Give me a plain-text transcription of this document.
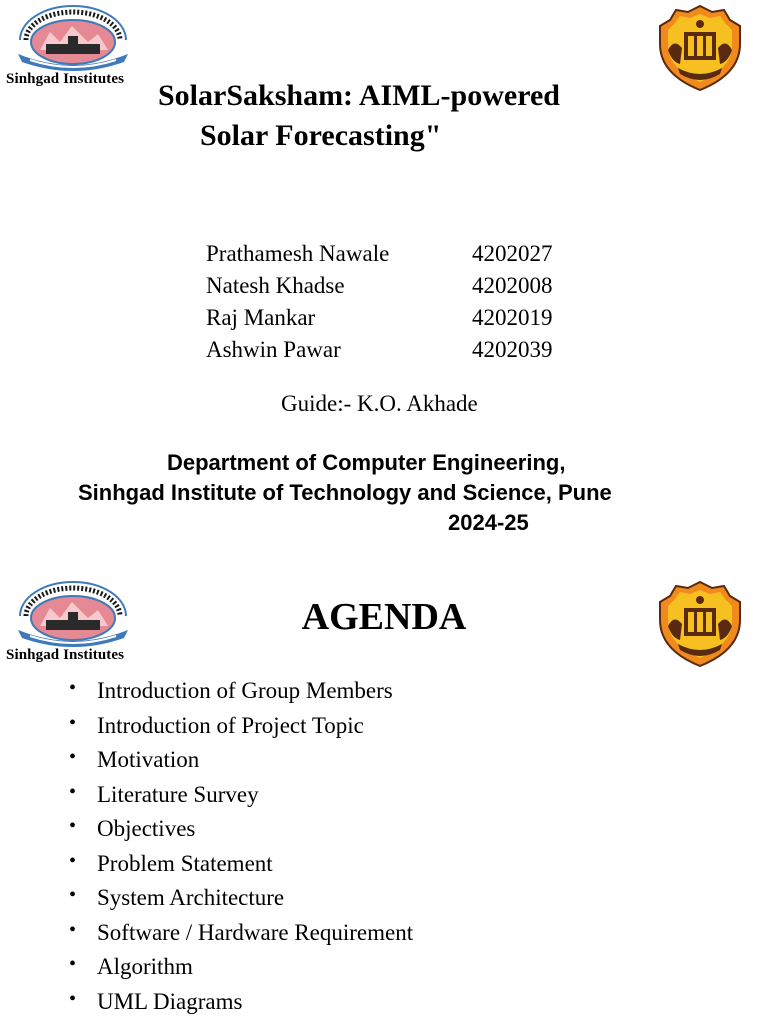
Sinhgad Institutes	SolarSaksham: AIML-powered
Solar Forecasting"
Prathamesh Nawale	4202027
Natesh Khadse	4202008
Raj Mankar	4202019
Ashwin Pawar	4202039
Guide:- K.O. Akhade
Department of Computer Engineering,
Sinhgad Institute of Technology and Science, Pune
2024-25
Sinhgad Institutes
AGENDA
• Introduction of Group Members
• Introduction of Project Topic
• Motivation
• Literature Survey
• Objectives
• Problem Statement
• System Architecture
• Software / Hardware Requirement
• Algorithm
• UML Diagrams
